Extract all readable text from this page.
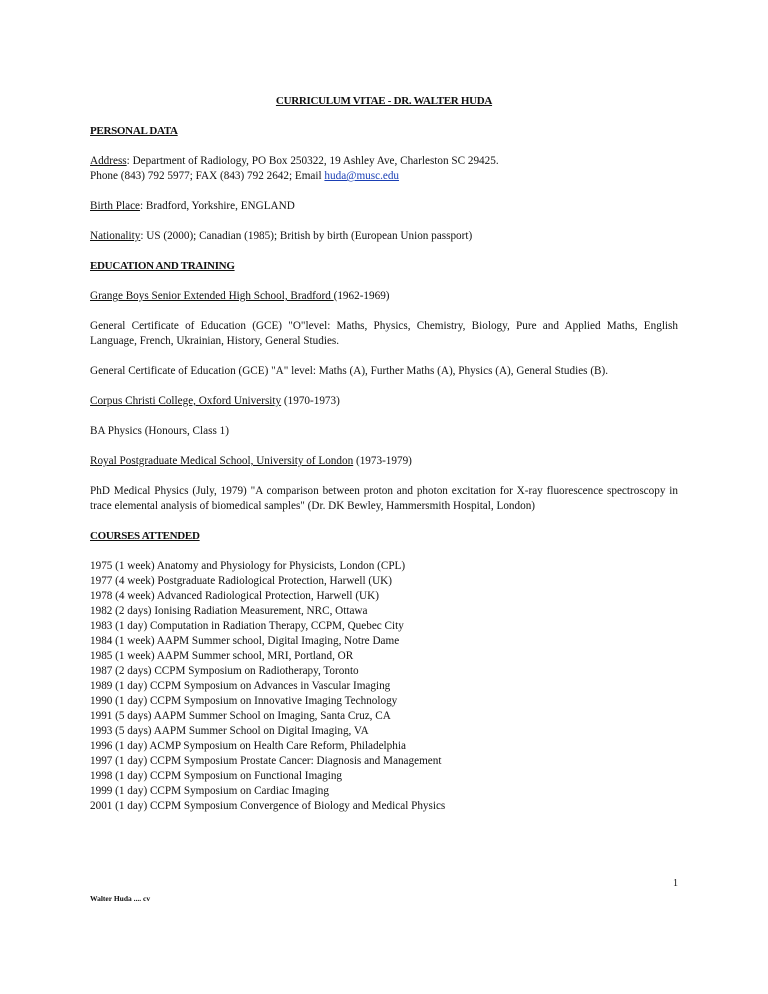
CURRICULUM VITAE - DR. WALTER HUDA
PERSONAL DATA
Address: Department of Radiology, PO Box 250322, 19 Ashley Ave, Charleston SC 29425.
Phone (843) 792 5977; FAX (843) 792 2642; Email huda@musc.edu
Birth Place: Bradford, Yorkshire, ENGLAND
Nationality: US (2000); Canadian (1985); British by birth (European Union passport)
EDUCATION AND TRAINING
Grange Boys Senior Extended High School, Bradford (1962-1969)
General Certificate of Education (GCE) "O"level: Maths, Physics, Chemistry, Biology, Pure and Applied Maths, English Language, French, Ukrainian, History, General Studies.
General Certificate of Education (GCE) "A" level: Maths (A), Further Maths (A), Physics (A), General Studies (B).
Corpus Christi College, Oxford University (1970-1973)
BA Physics (Honours, Class 1)
Royal Postgraduate Medical School, University of London (1973-1979)
PhD Medical Physics (July, 1979) "A comparison between proton and photon excitation for X-ray fluorescence spectroscopy in trace elemental analysis of biomedical samples" (Dr. DK Bewley, Hammersmith Hospital, London)
COURSES ATTENDED
1975 (1 week) Anatomy and Physiology for Physicists, London (CPL)
1977 (4 week) Postgraduate Radiological Protection, Harwell (UK)
1978 (4 week) Advanced Radiological Protection, Harwell (UK)
1982 (2 days) Ionising Radiation Measurement, NRC, Ottawa
1983 (1 day) Computation in Radiation Therapy, CCPM, Quebec City
1984 (1 week) AAPM Summer school, Digital Imaging, Notre Dame
1985 (1 week) AAPM Summer school, MRI, Portland, OR
1987 (2 days) CCPM Symposium on Radiotherapy, Toronto
1989 (1 day) CCPM Symposium on Advances in Vascular Imaging
1990 (1 day) CCPM Symposium on Innovative Imaging Technology
1991 (5 days) AAPM Summer School on Imaging, Santa Cruz, CA
1993 (5 days) AAPM Summer School on Digital Imaging, VA
1996 (1 day) ACMP Symposium on Health Care Reform, Philadelphia
1997 (1 day) CCPM Symposium Prostate Cancer: Diagnosis and Management
1998 (1 day) CCPM Symposium on Functional Imaging
1999 (1 day) CCPM Symposium on Cardiac Imaging
2001 (1 day) CCPM Symposium Convergence of Biology and Medical Physics
1
Walter Huda .... cv
